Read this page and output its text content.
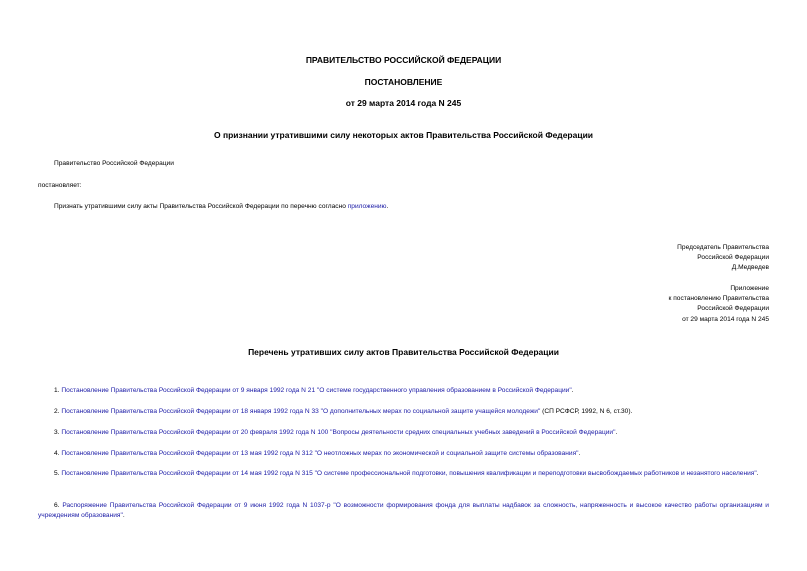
ПРАВИТЕЛЬСТВО РОССИЙСКОЙ ФЕДЕРАЦИИ
ПОСТАНОВЛЕНИЕ
от 29 марта 2014 года N 245
О признании утратившими силу некоторых актов Правительства Российской Федерации
Правительство Российской Федерации
постановляет:
Признать утратившими силу акты Правительства Российской Федерации по перечню согласно приложению.
Председатель Правительства
Российской Федерации
Д.Медведев
Приложение
к постановлению Правительства
Российской Федерации
от 29 марта 2014 года N 245
Перечень утративших силу актов Правительства Российской Федерации
1. Постановление Правительства Российской Федерации от 9 января 1992 года N 21 "О системе государственного управления образованием в Российской Федерации".
2. Постановление Правительства Российской Федерации от 18 января 1992 года N 33 "О дополнительных мерах по социальной защите учащейся молодежи" (СП РСФСР, 1992, N 6, ст.30).
3. Постановление Правительства Российской Федерации от 20 февраля 1992 года N 100 "Вопросы деятельности средних специальных учебных заведений в Российской Федерации".
4. Постановление Правительства Российской Федерации от 13 мая 1992 года N 312 "О неотложных мерах по экономической и социальной защите системы образования".
5. Постановление Правительства Российской Федерации от 14 мая 1992 года N 315 "О системе профессиональной подготовки, повышения квалификации и переподготовки высвобождаемых работников и незанятого населения".
6. Распоряжение Правительства Российской Федерации от 9 июня 1992 года N 1037-р "О возможности формирования фонда для выплаты надбавок за сложность, напряженность и высокое качество работы организациям и учреждениям образования".
